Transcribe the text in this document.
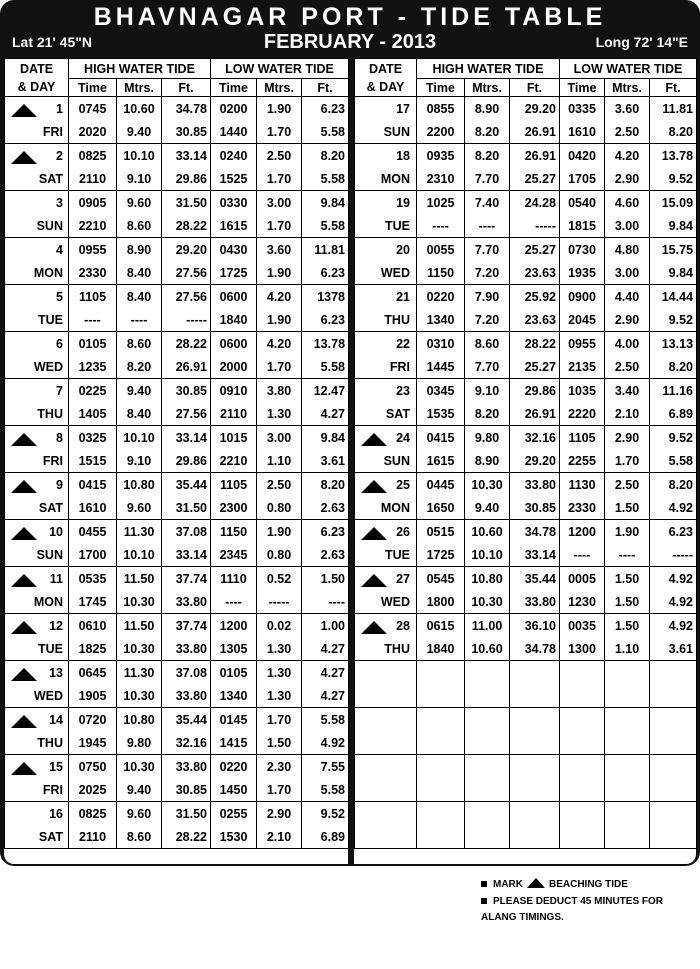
BHAVNAGAR PORT - TIDE TABLE
Lat 21' 45"N	FEBRUARY - 2013	Long 72' 14"E
DATE
& DAY	HIGH WATER TIDE			LOW WATER TIDE		
	Time	Mtrs.	Ft.	Time	Mtrs.	Ft.

1	0745	10.60	34.78	0200	1.90	6.23
FRI	2020	9.40	30.85	1440	1.70	5.58

2	0825	10.10	33.14	0240	2.50	8.20
SAT	2110	9.10	29.86	1525	1.70	5.58
3	0905	9.60	31.50	0330	3.00	9.84
SUN	2210	8.60	28.22	1615	1.70	5.58
4	0955	8.90	29.20	0430	3.60	11.81
MON	2330	8.40	27.56	1725	1.90	6.23
5	1105	8.40	27.56	0600	4.20	1378
TUE	----	----	-----	1840	1.90	6.23
6	0105	8.60	28.22	0600	4.20	13.78
WED	1235	8.20	26.91	2000	1.70	5.58
7	0225	9.40	30.85	0910	3.80	12.47
THU	1405	8.40	27.56	2110	1.30	4.27

8	0325	10.10	33.14	1015	3.00	9.84
FRI	1515	9.10	29.86	2210	1.10	3.61

9	0415	10.80	35.44	1105	2.50	8.20
SAT	1610	9.60	31.50	2300	0.80	2.63

10	0455	11.30	37.08	1150	1.90	6.23
SUN	1700	10.10	33.14	2345	0.80	2.63

11	0535	11.50	37.74	1110	0.52	1.50
MON	1745	10.30	33.80	----	-----	----

12	0610	11.50	37.74	1200	0.02	1.00
TUE	1825	10.30	33.80	1305	1.30	4.27

13	0645	11.30	37.08	0105	1.30	4.27
WED	1905	10.30	33.80	1340	1.30	4.27

14	0720	10.80	35.44	0145	1.70	5.58
THU	1945	9.80	32.16	1415	1.50	4.92

15	0750	10.30	33.80	0220	2.30	7.55
FRI	2025	9.40	30.85	1450	1.70	5.58
16	0825	9.60	31.50	0255	2.90	9.52
SAT	2110	8.60	28.22	1530	2.10	6.89
DATE
& DAY	HIGH WATER TIDE			LOW WATER TIDE		
	Time	Mtrs.	Ft.	Time	Mtrs.	Ft.
17	0855	8.90	29.20	0335	3.60	11.81
SUN	2200	8.20	26.91	1610	2.50	8.20
18	0935	8.20	26.91	0420	4.20	13.78
MON	2310	7.70	25.27	1705	2.90	9.52
19	1025	7.40	24.28	0540	4.60	15.09
TUE	----	----	-----	1815	3.00	9.84
20	0055	7.70	25.27	0730	4.80	15.75
WED	1150	7.20	23.63	1935	3.00	9.84
21	0220	7.90	25.92	0900	4.40	14.44
THU	1340	7.20	23.63	2045	2.90	9.52
22	0310	8.60	28.22	0955	4.00	13.13
FRI	1445	7.70	25.27	2135	2.50	8.20
23	0345	9.10	29.86	1035	3.40	11.16
SAT	1535	8.20	26.91	2220	2.10	6.89

24	0415	9.80	32.16	1105	2.90	9.52
SUN	1615	8.90	29.20	2255	1.70	5.58

25	0445	10.30	33.80	1130	2.50	8.20
MON	1650	9.40	30.85	2330	1.50	4.92

26	0515	10.60	34.78	1200	1.90	6.23
TUE	1725	10.10	33.14	----	----	-----

27	0545	10.80	35.44	0005	1.50	4.92
WED	1800	10.30	33.80	1230	1.50	4.92

28	0615	11.00	36.10	0035	1.50	4.92
THU	1840	10.60	34.78	1300	1.10	3.61

MARK	BEACHING TIDE
PLEASE DEDUCT 45 MINUTES FOR
ALANG TIMINGS.
